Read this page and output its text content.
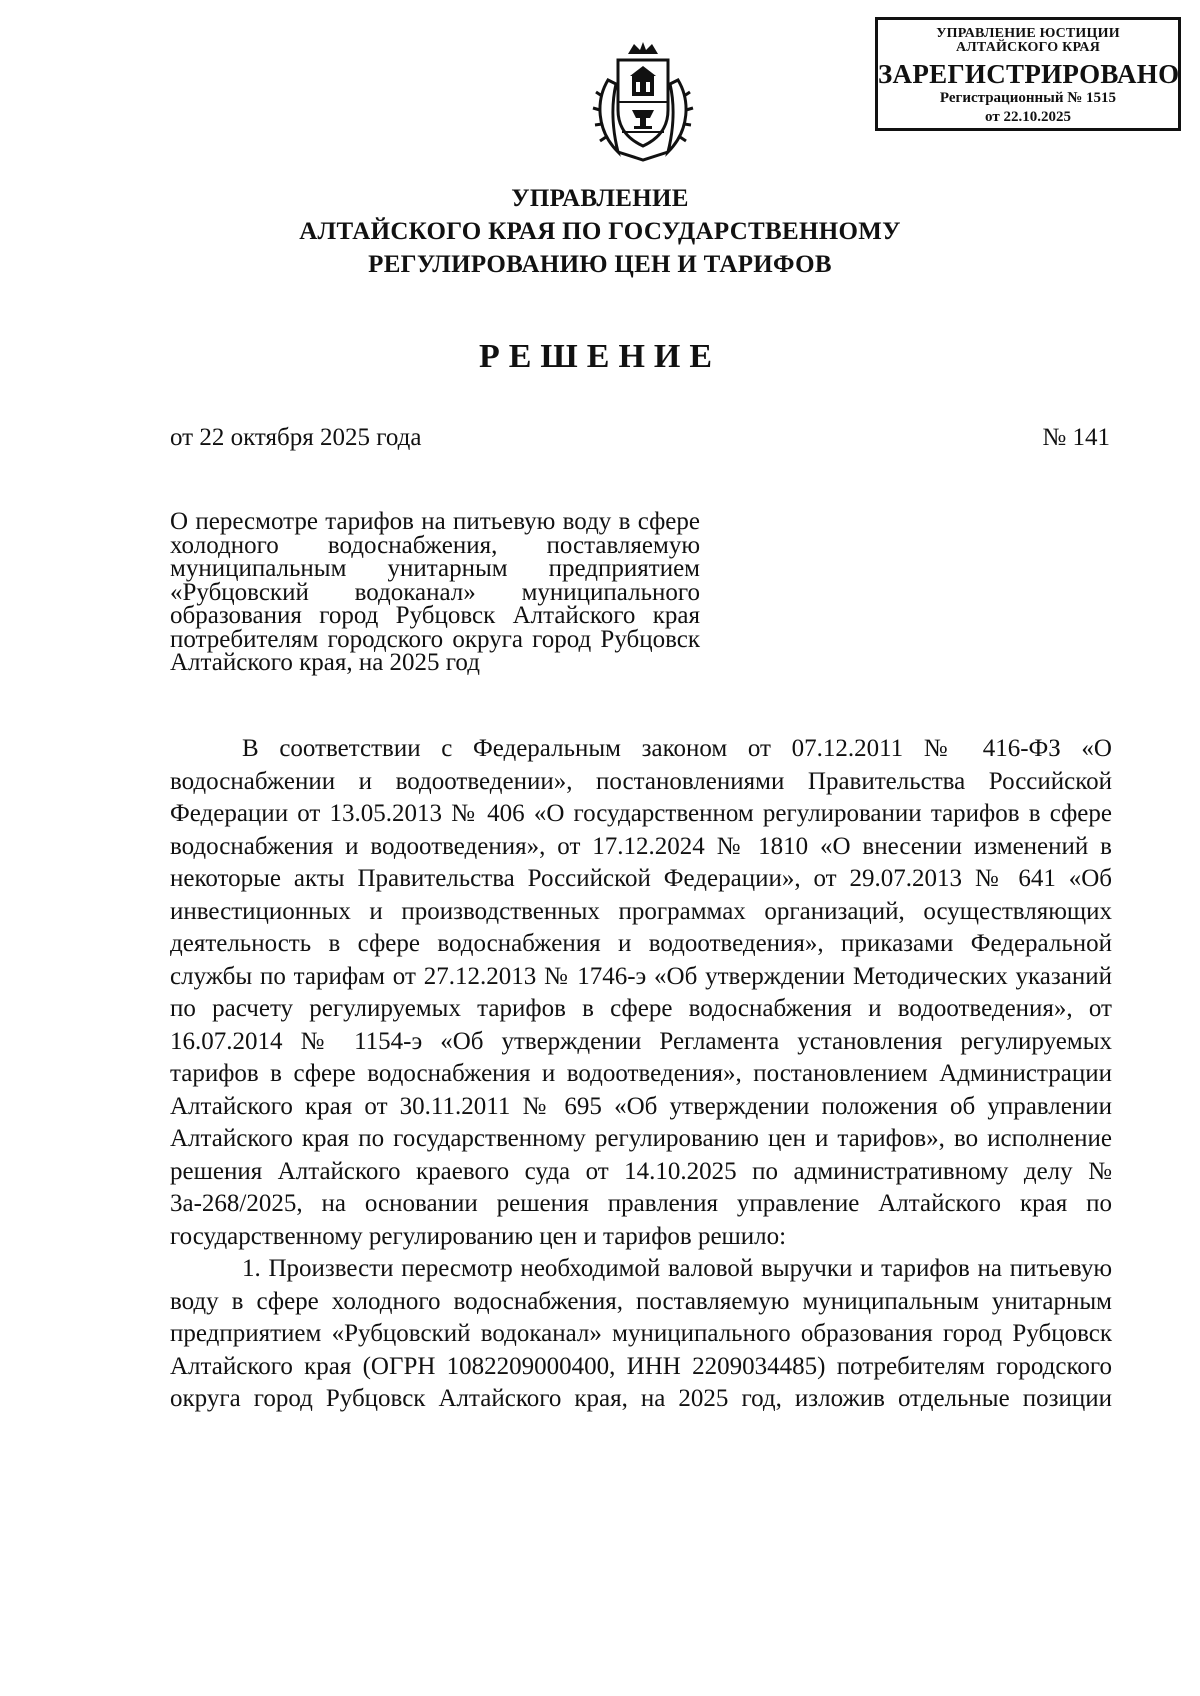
УПРАВЛЕНИЕ ЮСТИЦИИ
АЛТАЙСКОГО КРАЯ
ЗАРЕГИСТРИРОВАНО
Регистрационный № 1515
от 22.10.2025
УПРАВЛЕНИЕ
АЛТАЙСКОГО КРАЯ ПО ГОСУДАРСТВЕННОМУ
РЕГУЛИРОВАНИЮ ЦЕН И ТАРИФОВ
РЕШЕНИЕ
от 22 октября 2025 года	№ 141
О пересмотре тарифов на питьевую воду в сфере холодного водоснабжения, поставляемую муниципальным унитарным предприятием «Рубцовский водоканал» муниципального образования город Рубцовск Алтайского края потребителям городского округа город Рубцовск Алтайского края, на 2025 год

В соответствии с Федеральным законом от 07.12.2011 № 416-ФЗ «О водоснабжении и водоотведении», постановлениями Правительства Российской Федерации от 13.05.2013 № 406 «О государственном регулировании тарифов в сфере водоснабжения и водоотведения», от 17.12.2024 № 1810 «О внесении изменений в некоторые акты Правительства Российской Федерации», от 29.07.2013 № 641 «Об инвестиционных и производственных программах организаций, осуществляющих деятельность в сфере водоснабжения и водоотведения», приказами Федеральной службы по тарифам от 27.12.2013 № 1746-э «Об утверждении Методических указаний по расчету регулируемых тарифов в сфере водоснабжения и водоотведения», от 16.07.2014 № 1154-э «Об утверждении Регламента установления регулируемых тарифов в сфере водоснабжения и водоотведения», постановлением Администрации Алтайского края от 30.11.2011 № 695 «Об утверждении положения об управлении Алтайского края по государственному регулированию цен и тарифов», во исполнение решения Алтайского краевого суда от 14.10.2025 по административному делу № 3а-268/2025, на основании решения правления управление Алтайского края по государственному регулированию цен и тарифов решило:

1. Произвести пересмотр необходимой валовой выручки и тарифов на питьевую воду в сфере холодного водоснабжения, поставляемую муниципальным унитарным предприятием «Рубцовский водоканал» муниципального образования город Рубцовск Алтайского края (ОГРН 1082209000400, ИНН 2209034485) потребителям городского округа город Рубцовск Алтайского края, на 2025 год, изложив отдельные позиции
